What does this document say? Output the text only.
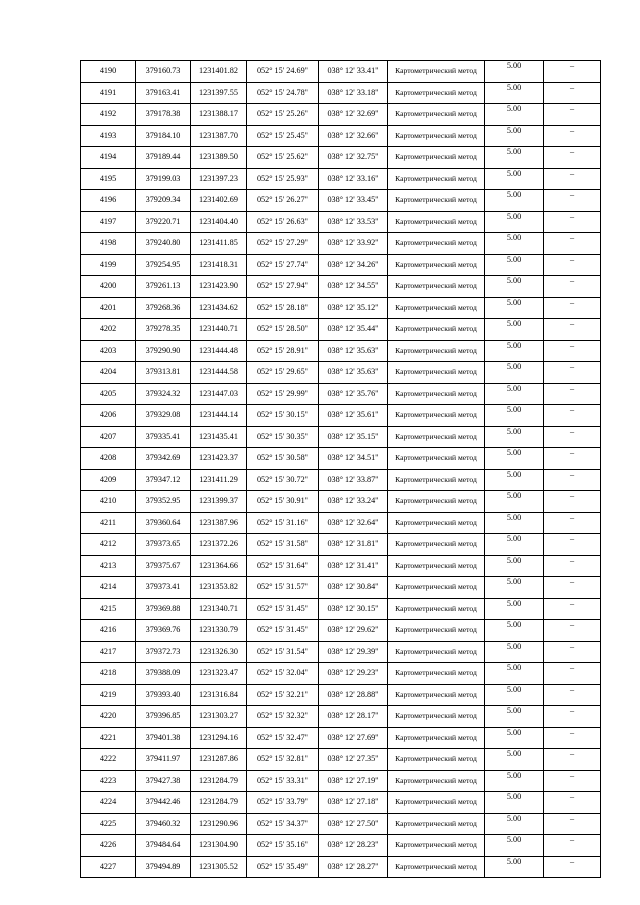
4190	379160.73	1231401.82	052° 15' 24.69"	038° 12' 33.41"	Картометрический метод	5.00	–
4191	379163.41	1231397.55	052° 15' 24.78"	038° 12' 33.18"	Картометрический метод	5.00	–
4192	379178.38	1231388.17	052° 15' 25.26"	038° 12' 32.69"	Картометрический метод	5.00	–
4193	379184.10	1231387.70	052° 15' 25.45"	038° 12' 32.66"	Картометрический метод	5.00	–
4194	379189.44	1231389.50	052° 15' 25.62"	038° 12' 32.75"	Картометрический метод	5.00	–
4195	379199.03	1231397.23	052° 15' 25.93"	038° 12' 33.16"	Картометрический метод	5.00	–
4196	379209.34	1231402.69	052° 15' 26.27"	038° 12' 33.45"	Картометрический метод	5.00	–
4197	379220.71	1231404.40	052° 15' 26.63"	038° 12' 33.53"	Картометрический метод	5.00	–
4198	379240.80	1231411.85	052° 15' 27.29"	038° 12' 33.92"	Картометрический метод	5.00	–
4199	379254.95	1231418.31	052° 15' 27.74"	038° 12' 34.26"	Картометрический метод	5.00	–
4200	379261.13	1231423.90	052° 15' 27.94"	038° 12' 34.55"	Картометрический метод	5.00	–
4201	379268.36	1231434.62	052° 15' 28.18"	038° 12' 35.12"	Картометрический метод	5.00	–
4202	379278.35	1231440.71	052° 15' 28.50"	038° 12' 35.44"	Картометрический метод	5.00	–
4203	379290.90	1231444.48	052° 15' 28.91"	038° 12' 35.63"	Картометрический метод	5.00	–
4204	379313.81	1231444.58	052° 15' 29.65"	038° 12' 35.63"	Картометрический метод	5.00	–
4205	379324.32	1231447.03	052° 15' 29.99"	038° 12' 35.76"	Картометрический метод	5.00	–
4206	379329.08	1231444.14	052° 15' 30.15"	038° 12' 35.61"	Картометрический метод	5.00	–
4207	379335.41	1231435.41	052° 15' 30.35"	038° 12' 35.15"	Картометрический метод	5.00	–
4208	379342.69	1231423.37	052° 15' 30.58"	038° 12' 34.51"	Картометрический метод	5.00	–
4209	379347.12	1231411.29	052° 15' 30.72"	038° 12' 33.87"	Картометрический метод	5.00	–
4210	379352.95	1231399.37	052° 15' 30.91"	038° 12' 33.24"	Картометрический метод	5.00	–
4211	379360.64	1231387.96	052° 15' 31.16"	038° 12' 32.64"	Картометрический метод	5.00	–
4212	379373.65	1231372.26	052° 15' 31.58"	038° 12' 31.81"	Картометрический метод	5.00	–
4213	379375.67	1231364.66	052° 15' 31.64"	038° 12' 31.41"	Картометрический метод	5.00	–
4214	379373.41	1231353.82	052° 15' 31.57"	038° 12' 30.84"	Картометрический метод	5.00	–
4215	379369.88	1231340.71	052° 15' 31.45"	038° 12' 30.15"	Картометрический метод	5.00	–
4216	379369.76	1231330.79	052° 15' 31.45"	038° 12' 29.62"	Картометрический метод	5.00	–
4217	379372.73	1231326.30	052° 15' 31.54"	038° 12' 29.39"	Картометрический метод	5.00	–
4218	379388.09	1231323.47	052° 15' 32.04"	038° 12' 29.23"	Картометрический метод	5.00	–
4219	379393.40	1231316.84	052° 15' 32.21"	038° 12' 28.88"	Картометрический метод	5.00	–
4220	379396.85	1231303.27	052° 15' 32.32"	038° 12' 28.17"	Картометрический метод	5.00	–
4221	379401.38	1231294.16	052° 15' 32.47"	038° 12' 27.69"	Картометрический метод	5.00	–
4222	379411.97	1231287.86	052° 15' 32.81"	038° 12' 27.35"	Картометрический метод	5.00	–
4223	379427.38	1231284.79	052° 15' 33.31"	038° 12' 27.19"	Картометрический метод	5.00	–
4224	379442.46	1231284.79	052° 15' 33.79"	038° 12' 27.18"	Картометрический метод	5.00	–
4225	379460.32	1231290.96	052° 15' 34.37"	038° 12' 27.50"	Картометрический метод	5.00	–
4226	379484.64	1231304.90	052° 15' 35.16"	038° 12' 28.23"	Картометрический метод	5.00	–
4227	379494.89	1231305.52	052° 15' 35.49"	038° 12' 28.27"	Картометрический метод	5.00	–
